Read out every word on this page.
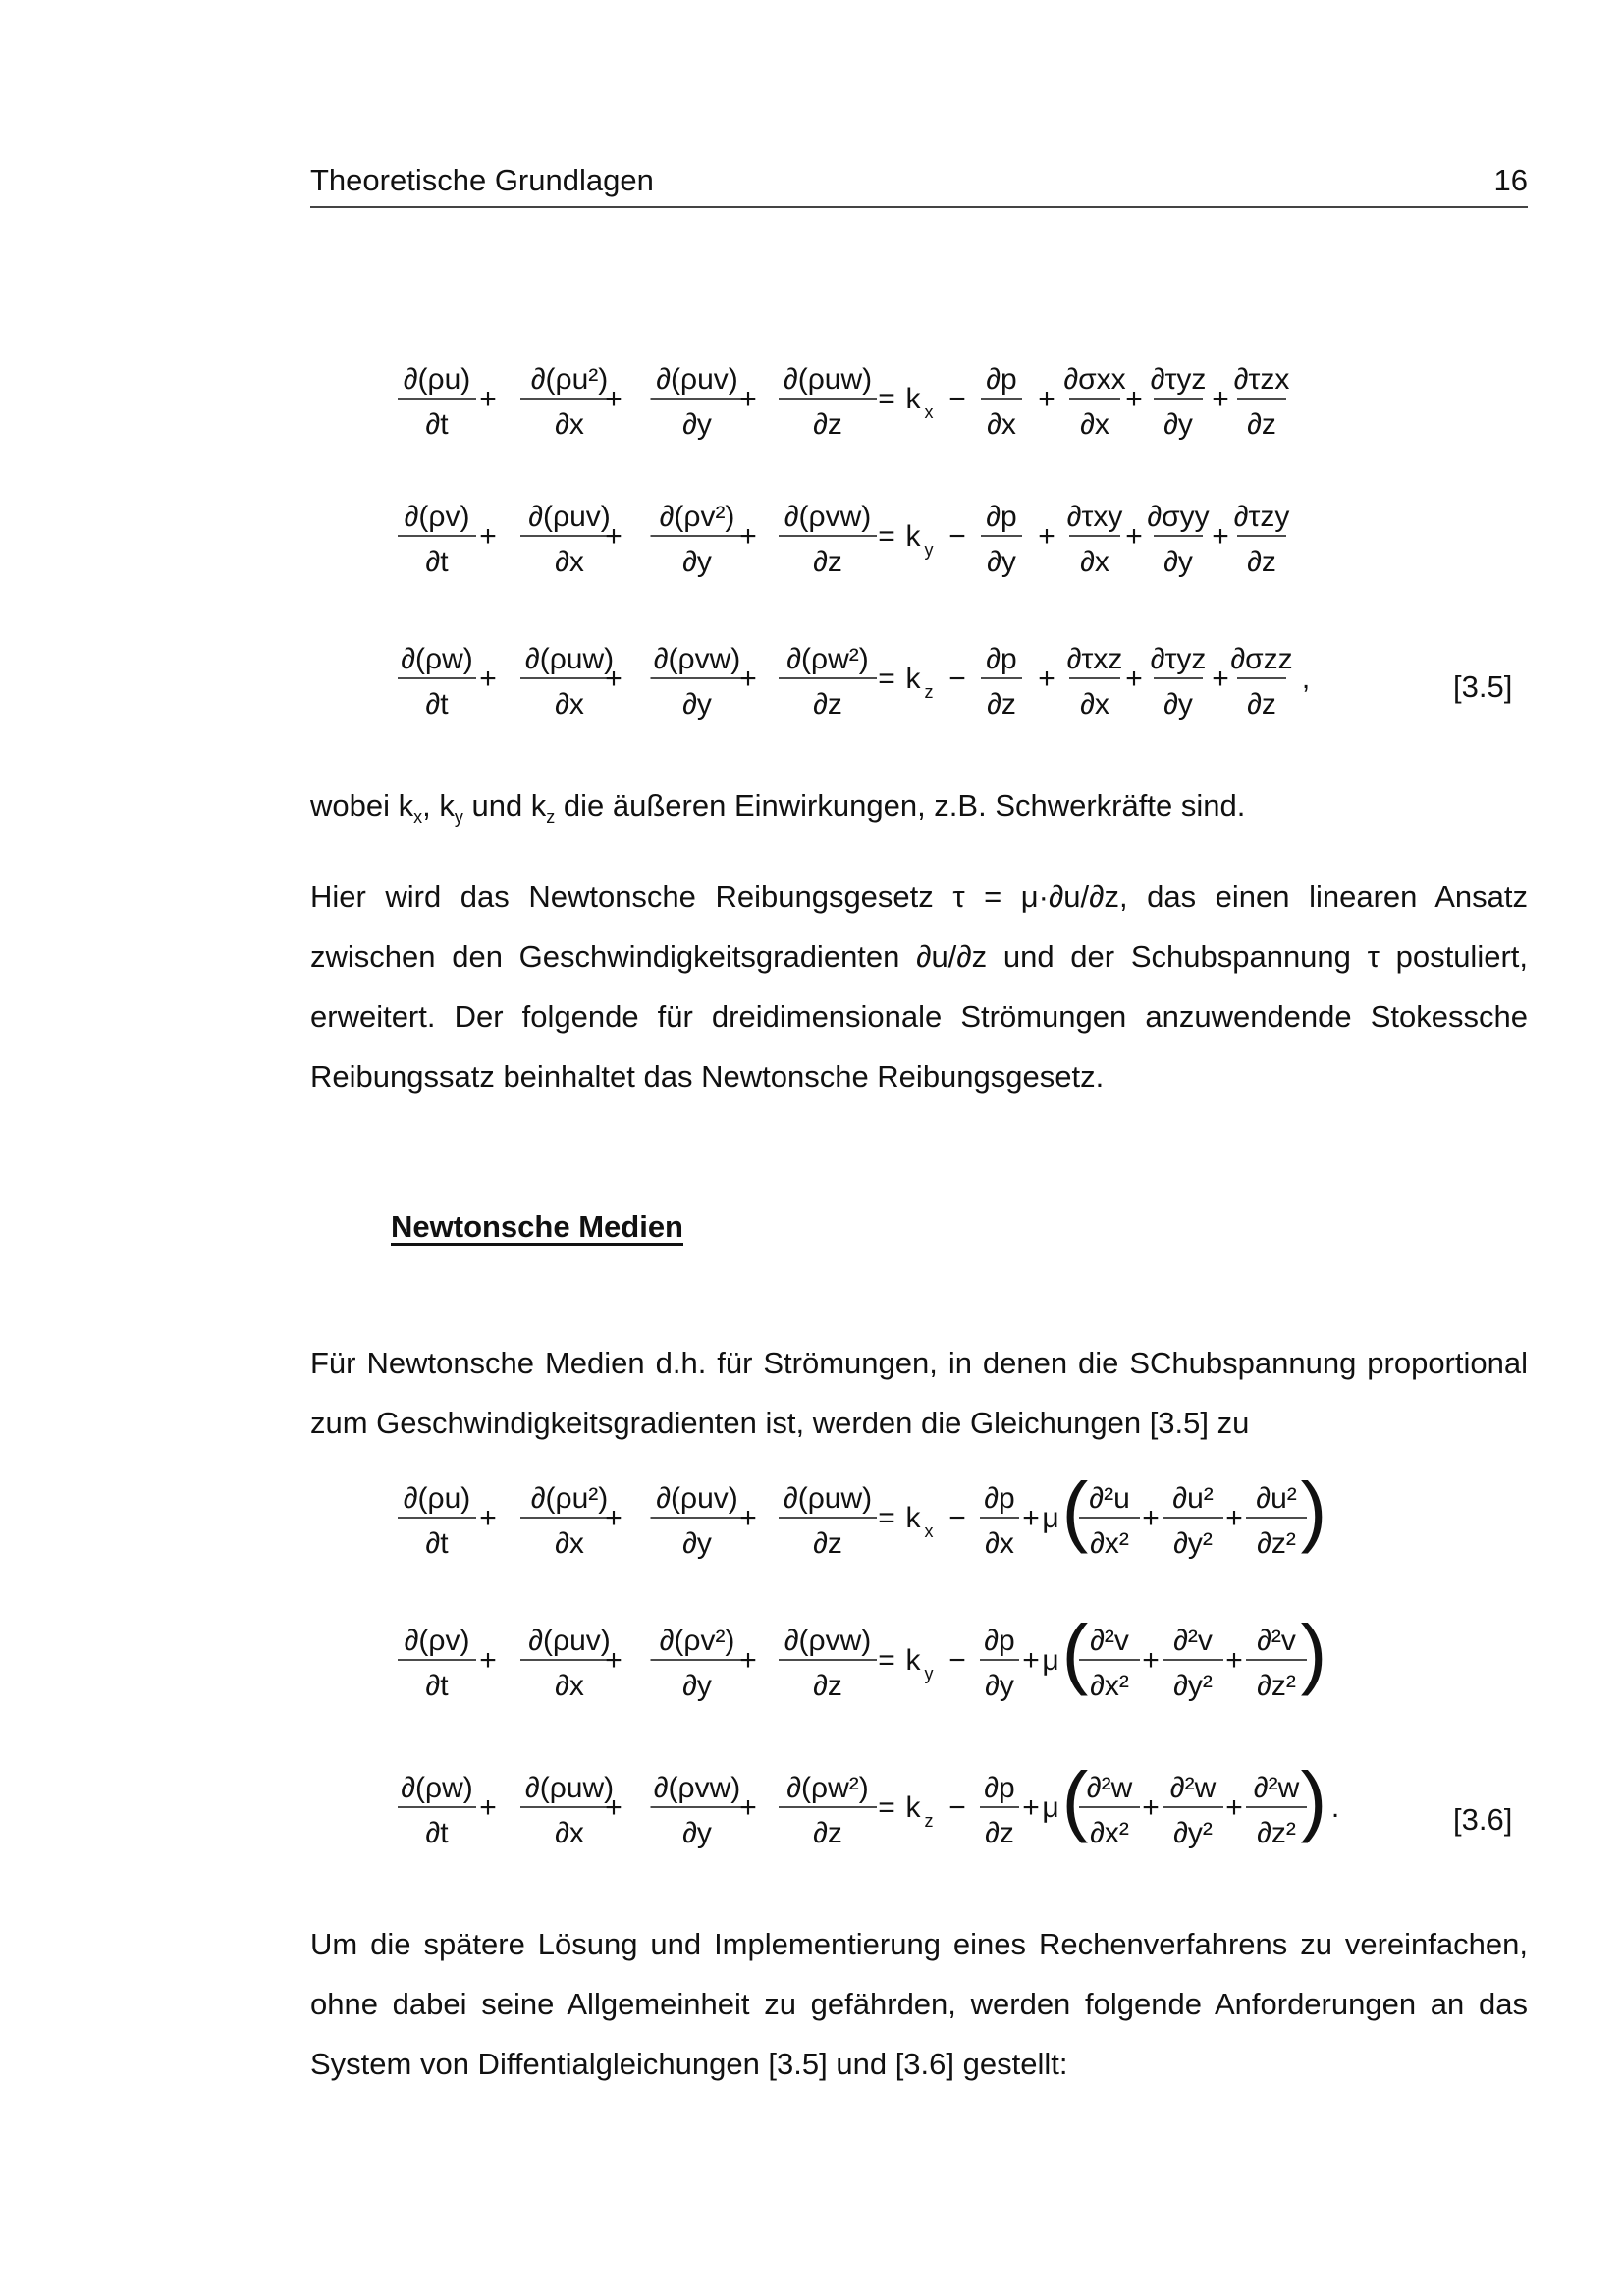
Theoretische Grundlagen	16
[3.5]
∂(ρu)
∂t
∂(ρu²)
∂x
∂(ρuv)
∂y
∂(ρuw)
∂z
+	+	+	= k x −
∂p
∂x
∂σxx
∂x
∂τyz
∂y
∂τzx
∂z
+ + +
∂(ρv)
∂t
∂(ρuv)
∂x
∂(ρv²)
∂y
∂(ρvw)
∂z
+	+	+	= k y −
∂p
∂y
∂τxy
∂x
∂σyy
∂y
∂τzy
∂z
+ + +
∂(ρw)
∂t
∂(ρuw)
∂x
∂(ρvw)
∂y
∂(ρw²)
∂z
+	+	+	= k z −
∂p
∂z
∂τxz
∂x
∂τyz
∂y
∂σzz
∂z
+ + + ,
wobei $k_x$, $k_y$ und $k_z$ die äußeren Einwirkungen, z.B. Schwerkräfte sind.
Hier wird das Newtonsche Reibungsgesetz τ = μ·∂u/∂z, das einen linearen Ansatz zwischen den Geschwindigkeitsgradienten ∂u/∂z und der Schubspannung τ postuliert, erweitert. Der folgende für dreidimensionale Strömungen anzuwendende Stokessche Reibungssatz beinhaltet das Newtonsche Reibungsgesetz.
Newtonsche Medien
Für Newtonsche Medien d.h. für Strömungen, in denen die SChubspannung proportional zum Geschwindigkeitsgradienten ist, werden die Gleichungen [3.5] zu
[3.6]
∂(ρu)
∂t
∂(ρu²)
∂x
∂(ρuv)
∂y
∂(ρuw)
∂z
+	+	+	= k x −
∂p
∂x
+ μ ( ∂²u
∂x²
∂u²
∂y²
∂u²
∂z²
+ + )
∂(ρv)
∂t
∂(ρuv)
∂x
∂(ρv²)
∂y
∂(ρvw)
∂z
+	+	+	= k y −
∂p
∂y
+ μ ( ∂²v
∂x²
∂²v
∂y²
∂²v
∂z²
+ + )
∂(ρw)
∂t
∂(ρuw)
∂x
∂(ρvw)
∂y
∂(ρw²)
∂z
+	+	+	= k z −
∂p
∂z
+ μ (
∂²w
∂x²
∂²w
∂y²
∂²w
∂z²
+ + ) .
Um die spätere Lösung und Implementierung eines Rechenverfahrens zu vereinfachen, ohne dabei seine Allgemeinheit zu gefährden, werden folgende Anforderungen an das System von Diffentialgleichungen [3.5] und [3.6] gestellt:
